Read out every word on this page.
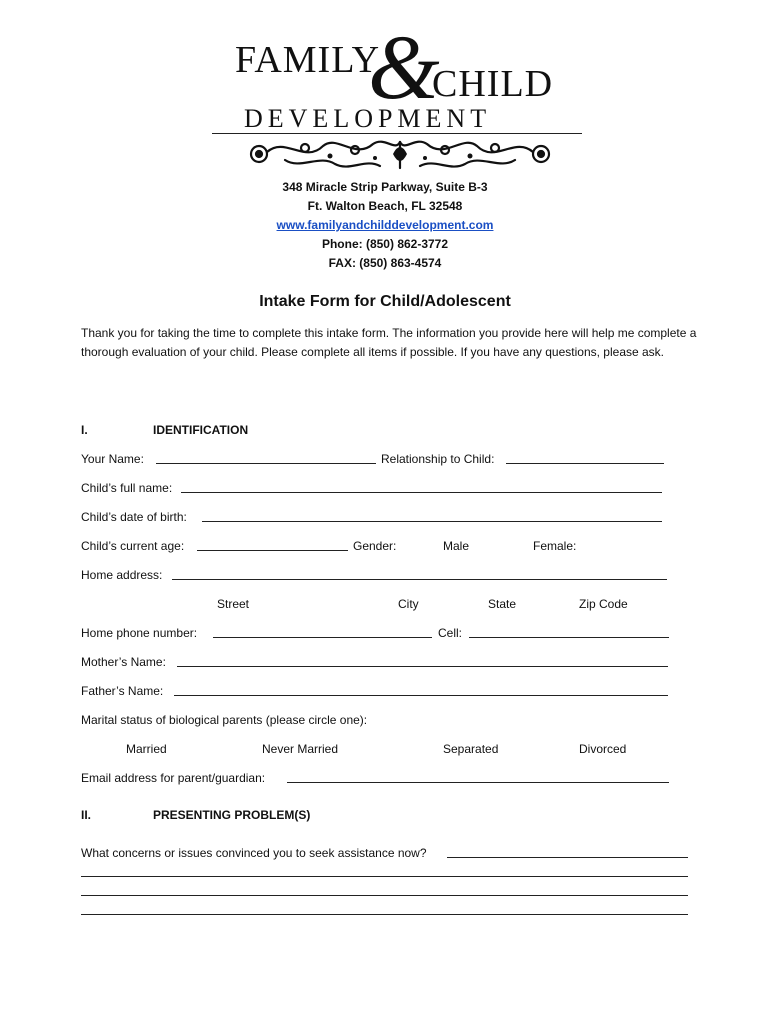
FAMILY
&
CHILD
DEVELOPMENT
348 Miracle Strip Parkway, Suite B-3
Ft. Walton Beach, FL 32548
www.familyandchilddevelopment.com
Phone: (850) 862-3772
FAX: (850) 863-4574
Intake Form for Child/Adolescent
Thank you for taking the time to complete this intake form. The information you provide here will help me complete a thorough evaluation of your child. Please complete all items if possible. If you have any questions, please ask.
I.	IDENTIFICATION
Your Name:	Relationship to Child:
Child’s full name:
Child’s date of birth:
Child’s current age:	Gender:	Male	Female:
Home address:
Street	City	State	Zip Code
Home phone number:	Cell:
Mother’s Name:
Father’s Name:
Marital status of biological parents (please circle one):
Married	Never Married	Separated	Divorced
Email address for parent/guardian:
II.	PRESENTING PROBLEM(S)
What concerns or issues convinced you to seek assistance now?
